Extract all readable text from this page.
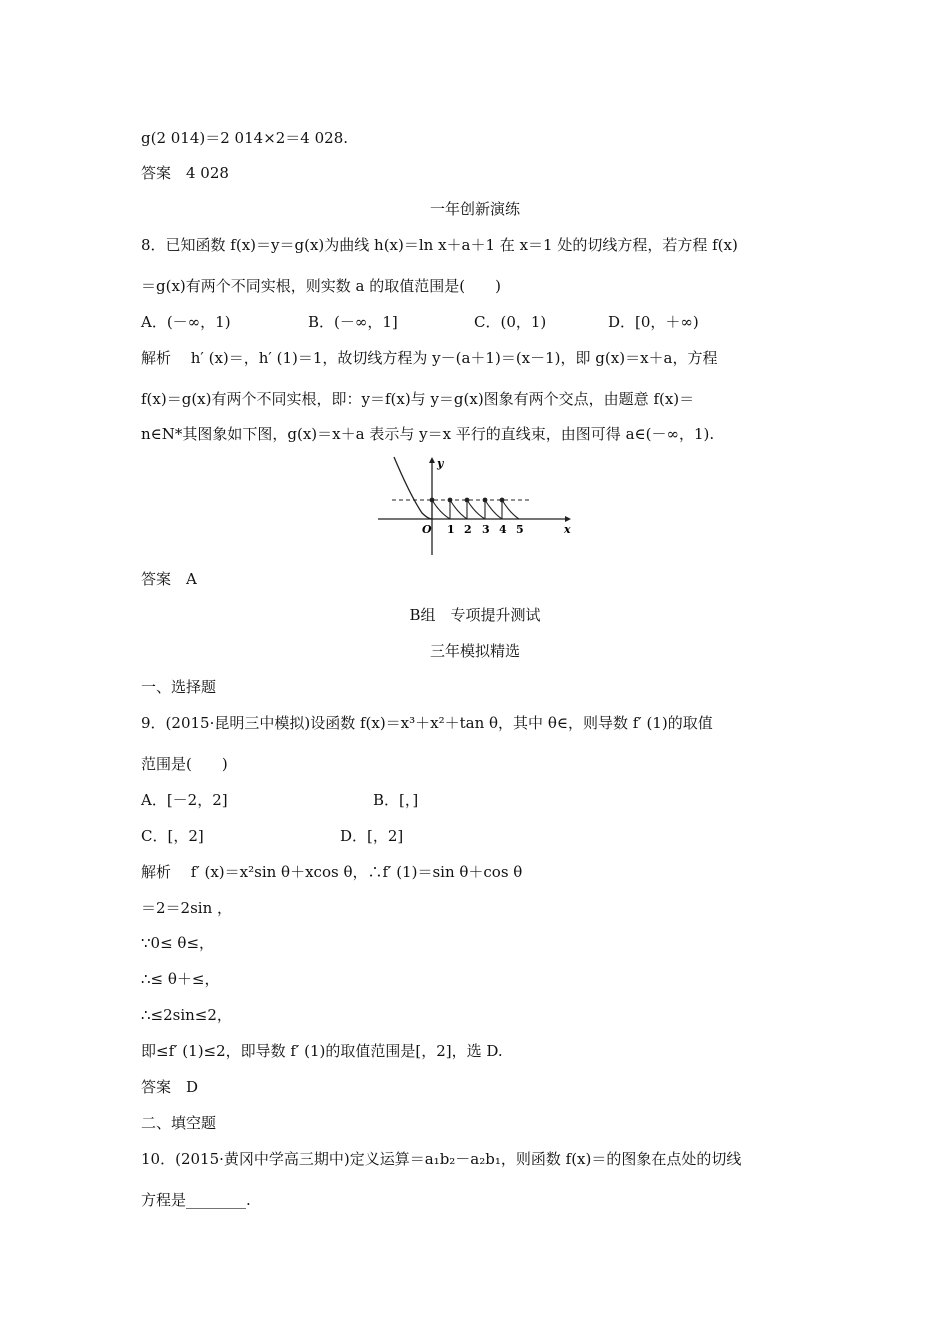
g(2 014)＝2 014×2＝4 028.
答案　4 028
一年创新演练
8．已知函数 f(x)＝y＝g(x)为曲线 h(x)＝ln x＋a＋1 在 x＝1 处的切线方程，若方程 f(x)
＝g(x)有两个不同实根，则实数 a 的取值范围是(　　)
A．(－∞，1)	B．(－∞，1]	C．(0，1)	D．[0，＋∞)
解析　 h′ (x)＝，h′ (1)＝1，故切线方程为 y－(a＋1)＝(x－1)，即 g(x)＝x＋a，方程
f(x)＝g(x)有两个不同实根，即：y＝f(x)与 y＝g(x)图象有两个交点，由题意 f(x)＝
n∈N*其图象如下图，g(x)＝x＋a 表示与 y＝x 平行的直线束，由图可得 a∈(－∞，1).
y
x
O 1 2 3 4 5
答案　A
B组　专项提升测试
三年模拟精选
一、选择题
9．(2015·昆明三中模拟)设函数 f(x)＝x³＋x²＋tan θ，其中 θ∈，则导数 f′ (1)的取值
范围是(　　)
A．[－2，2]	B．[，]
C．[，2]	D．[，2]
解析　 f′ (x)＝x²sin θ＋xcos θ，∴f′ (1)＝sin θ＋cos θ
＝2＝2sin ，
∵0≤ θ≤，
∴≤ θ＋≤，
∴≤2sin≤2，
即≤f′ (1)≤2，即导数 f′ (1)的取值范围是[，2]，选 D.
答案　D
二、填空题
10．(2015·黄冈中学高三期中)定义运算＝a₁b₂－a₂b₁，则函数 f(x)＝的图象在点处的切线
方程是________.
